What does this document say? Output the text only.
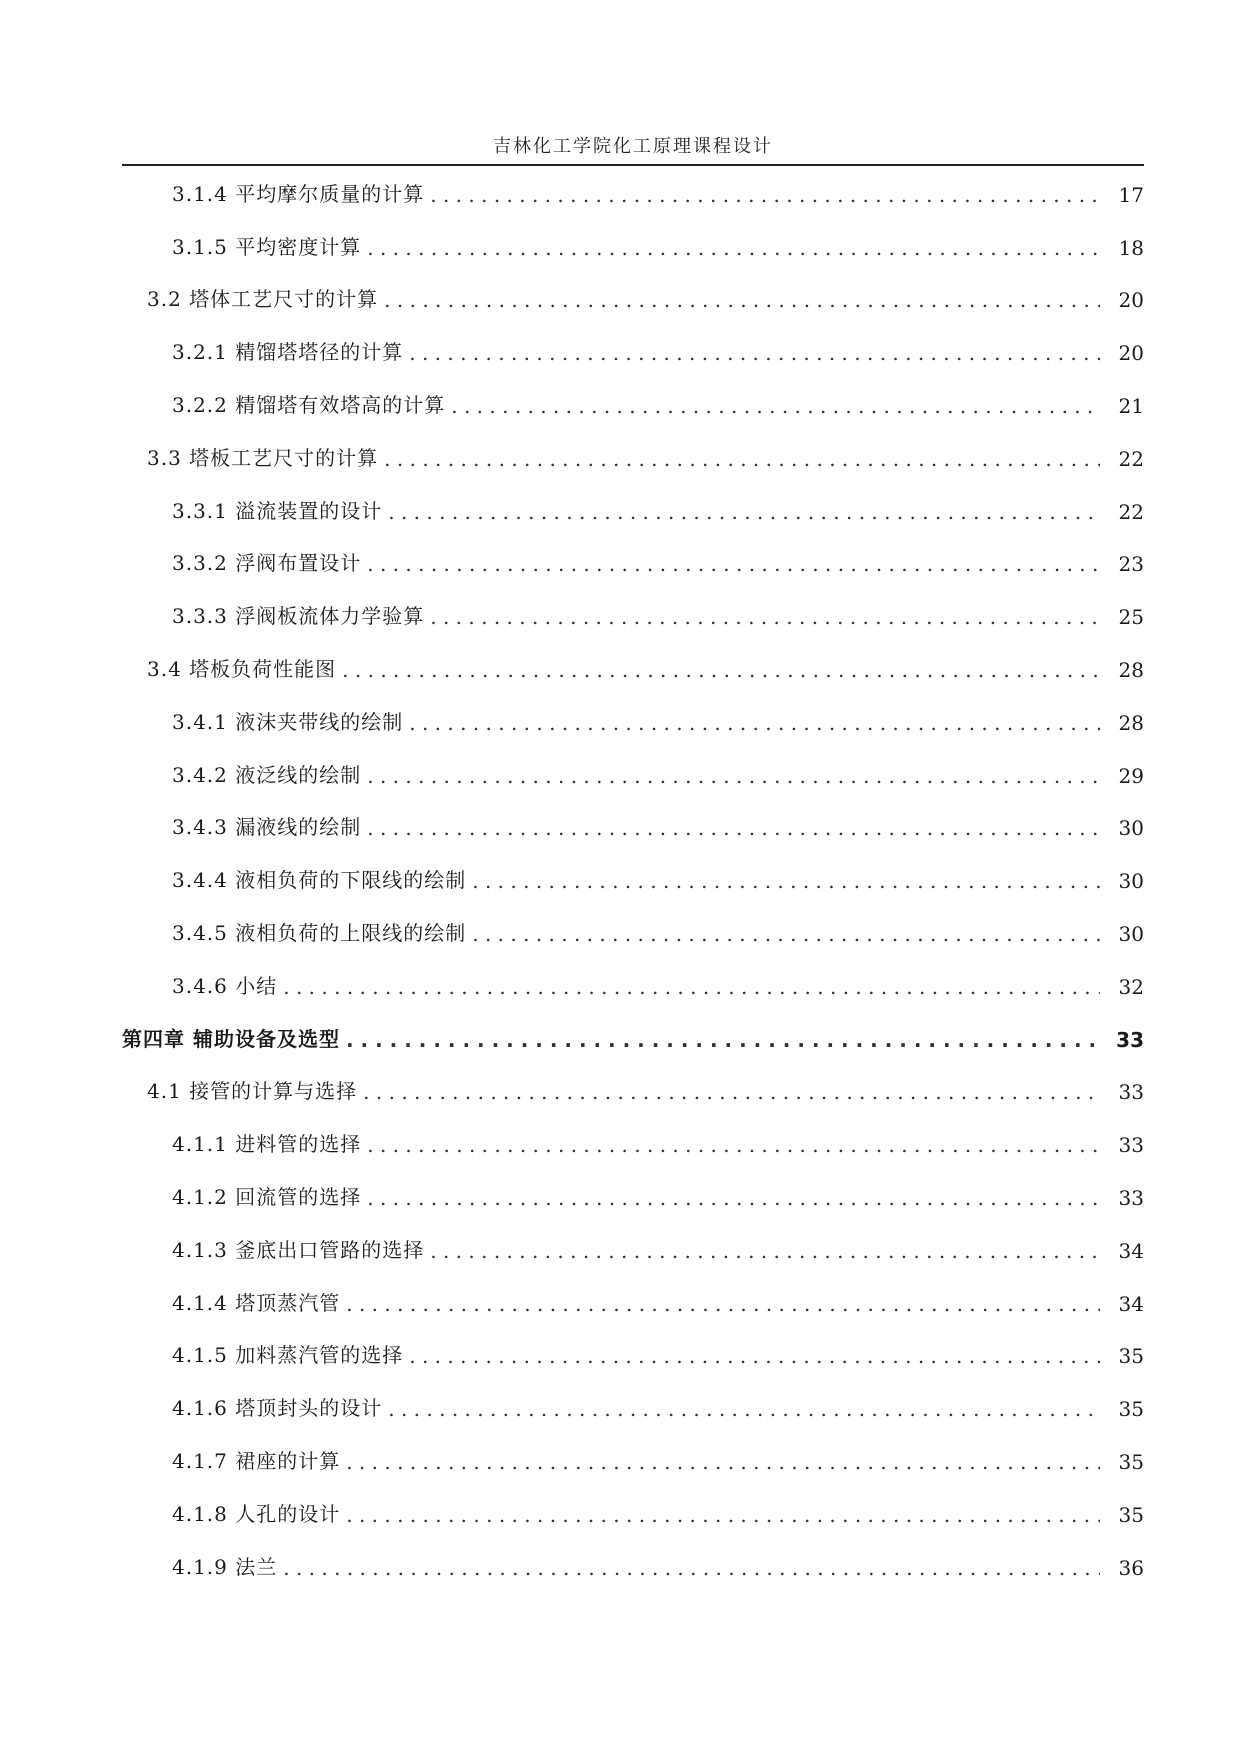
吉林化工学院化工原理课程设计
3.1.4 平均摩尔质量的计算 . . .	17
3.1.5 平均密度计算 . . .	18
3.2 塔体工艺尺寸的计算 . . .	20
3.2.1 精馏塔塔径的计算 . . .	20
3.2.2 精馏塔有效塔高的计算 . . .	21
3.3 塔板工艺尺寸的计算 . . .	22
3.3.1 溢流装置的设计 . . .	22
3.3.2 浮阀布置设计 . . .	23
3.3.3 浮阀板流体力学验算 . . .	25
3.4 塔板负荷性能图 . . .	28
3.4.1 液沫夹带线的绘制 . . .	28
3.4.2 液泛线的绘制 . . .	29
3.4.3 漏液线的绘制 . . .	30
3.4.4 液相负荷的下限线的绘制 . . .	30
3.4.5 液相负荷的上限线的绘制 . . .	30
3.4.6 小结 . . .	32
第四章 辅助设备及选型 . . .	33
4.1 接管的计算与选择 . . .	33
4.1.1 进料管的选择 . . .	33
4.1.2 回流管的选择 . . .	33
4.1.3 釜底出口管路的选择 . . .	34
4.1.4 塔顶蒸汽管 . . .	34
4.1.5 加料蒸汽管的选择 . . .	35
4.1.6 塔顶封头的设计 . . .	35
4.1.7 裙座的计算 . . .	35
4.1.8 人孔的设计 . . .	35
4.1.9 法兰 . . .	36
